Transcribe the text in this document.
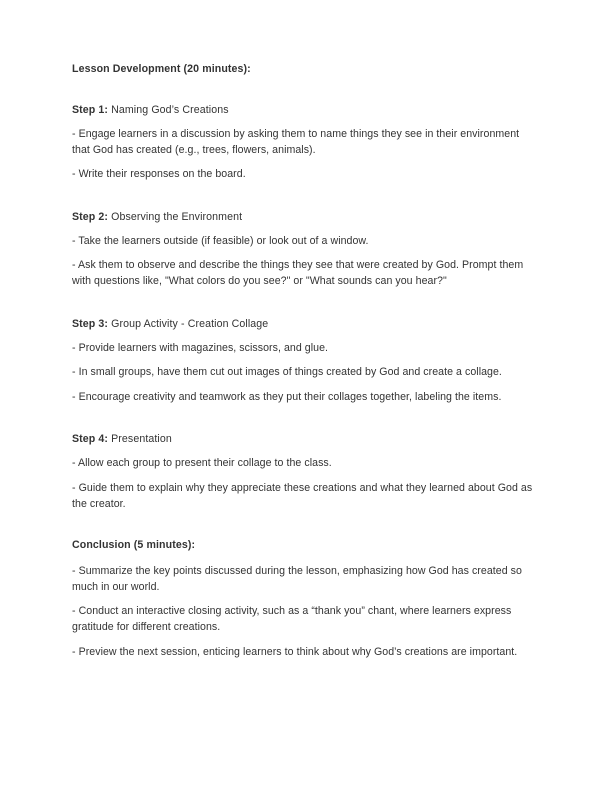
Lesson Development (20 minutes):
Step 1: Naming God’s Creations

- Engage learners in a discussion by asking them to name things they see in their environment that God has created (e.g., trees, flowers, animals).

- Write their responses on the board.

Step 2: Observing the Environment

- Take the learners outside (if feasible) or look out of a window.

- Ask them to observe and describe the things they see that were created by God. Prompt them with questions like, "What colors do you see?" or "What sounds can you hear?"

Step 3: Group Activity - Creation Collage

- Provide learners with magazines, scissors, and glue.

- In small groups, have them cut out images of things created by God and create a collage.

- Encourage creativity and teamwork as they put their collages together, labeling the items.

Step 4: Presentation

- Allow each group to present their collage to the class.

- Guide them to explain why they appreciate these creations and what they learned about God as the creator.

Conclusion (5 minutes):

- Summarize the key points discussed during the lesson, emphasizing how God has created so much in our world.

- Conduct an interactive closing activity, such as a “thank you” chant, where learners express gratitude for different creations.

- Preview the next session, enticing learners to think about why God’s creations are important.
